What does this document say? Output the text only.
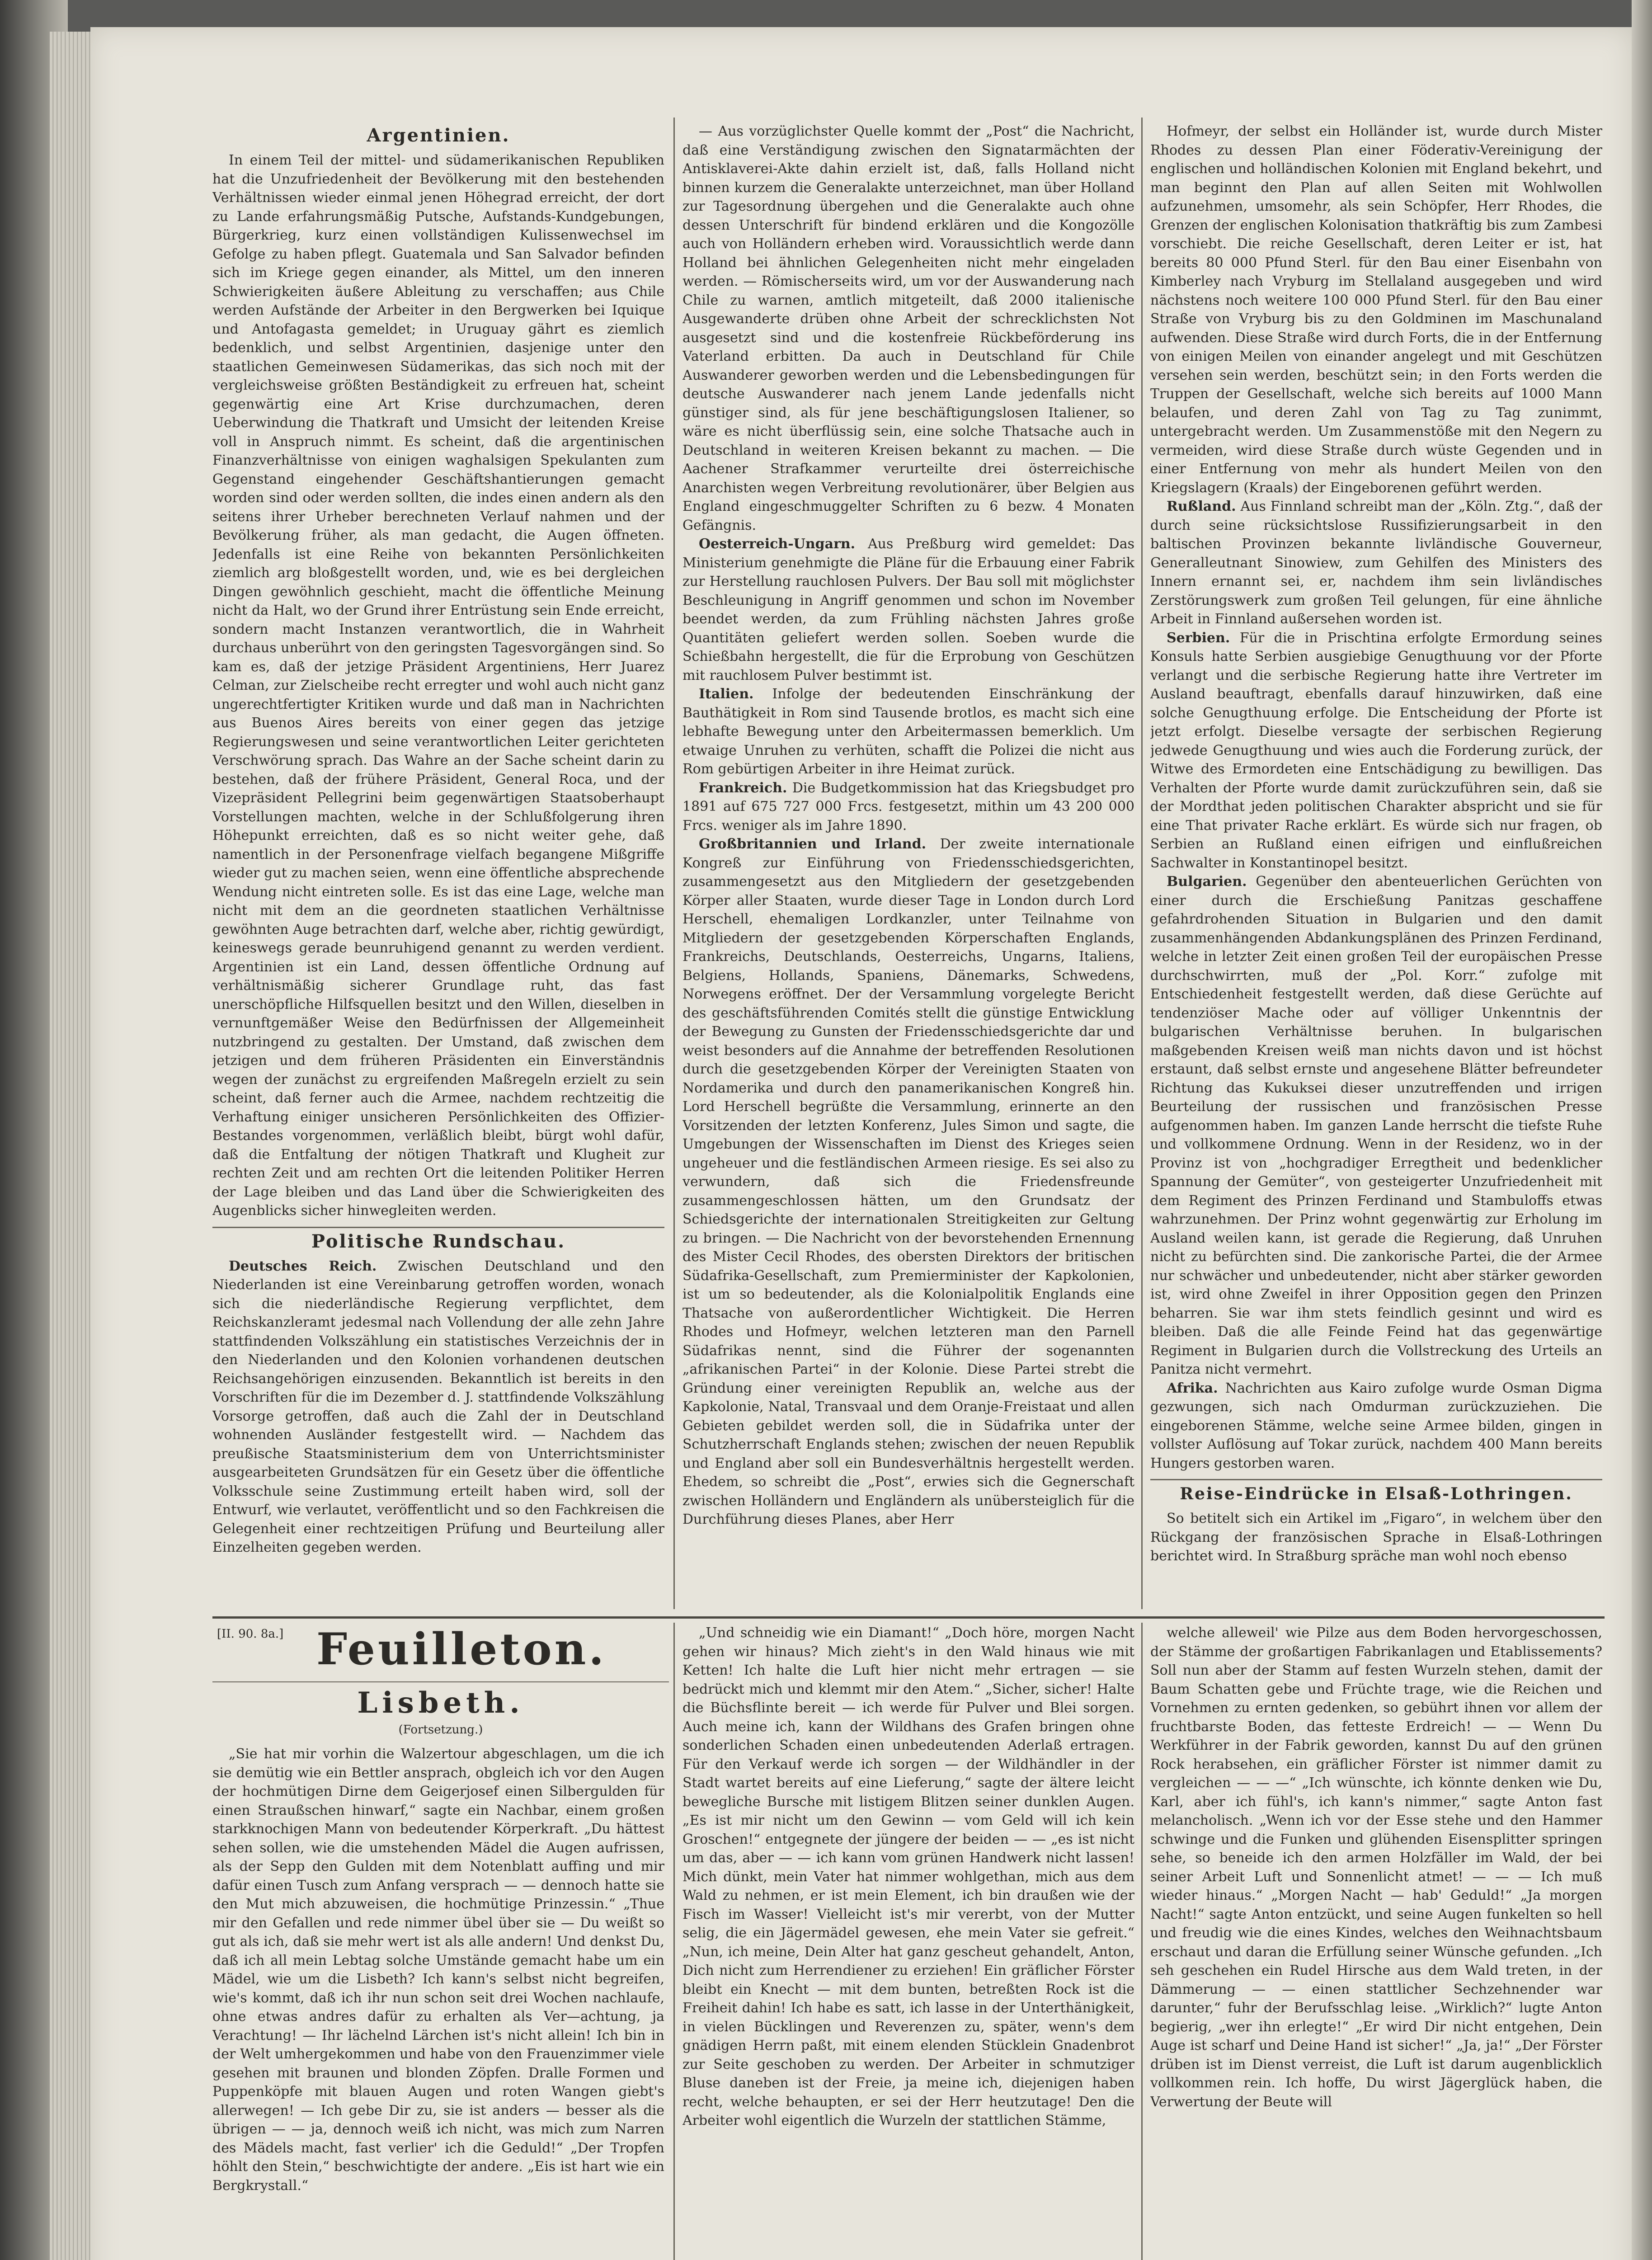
Argentinien.

In einem Teil der mittel- und südamerikanischen Republiken hat die Unzufriedenheit der Bevölkerung mit den bestehenden Verhältnissen wieder einmal jenen Höhegrad erreicht, der dort zu Lande erfahrungsmäßig Putsche, Aufstands-Kundgebungen, Bürgerkrieg, kurz einen vollständigen Kulissenwechsel im Gefolge zu haben pflegt. Guatemala und San Salvador befinden sich im Kriege gegen einander, als Mittel, um den inneren Schwierigkeiten äußere Ableitung zu verschaffen; aus Chile werden Aufstände der Arbeiter in den Bergwerken bei Iquique und Antofagasta gemeldet; in Uruguay gährt es ziemlich bedenklich, und selbst Argentinien, dasjenige unter den staatlichen Gemeinwesen Südamerikas, das sich noch mit der vergleichsweise größten Beständigkeit zu erfreuen hat, scheint gegenwärtig eine Art Krise durchzumachen, deren Ueberwindung die Thatkraft und Umsicht der leitenden Kreise voll in Anspruch nimmt. Es scheint, daß die argentinischen Finanzverhältnisse von einigen waghalsigen Spekulanten zum Gegenstand eingehender Geschäftshantierungen gemacht worden sind oder werden sollten, die indes einen andern als den seitens ihrer Urheber berechneten Verlauf nahmen und der Bevölkerung früher, als man gedacht, die Augen öffneten. Jedenfalls ist eine Reihe von bekannten Persönlichkeiten ziemlich arg bloßgestellt worden, und, wie es bei dergleichen Dingen gewöhnlich geschieht, macht die öffentliche Meinung nicht da Halt, wo der Grund ihrer Entrüstung sein Ende erreicht, sondern macht Instanzen verantwortlich, die in Wahrheit durchaus unberührt von den geringsten Tagesvorgängen sind. So kam es, daß der jetzige Präsident Argentiniens, Herr Juarez Celman, zur Zielscheibe recht erregter und wohl auch nicht ganz ungerechtfertigter Kritiken wurde und daß man in Nachrichten aus Buenos Aires bereits von einer gegen das jetzige Regierungswesen und seine verantwortlichen Leiter gerichteten Verschwörung sprach. Das Wahre an der Sache scheint darin zu bestehen, daß der frühere Präsident, General Roca, und der Vizepräsident Pellegrini beim gegenwärtigen Staatsoberhaupt Vorstellungen machten, welche in der Schlußfolgerung ihren Höhepunkt erreichten, daß es so nicht weiter gehe, daß namentlich in der Personenfrage vielfach begangene Mißgriffe wieder gut zu machen seien, wenn eine öffentliche absprechende Wendung nicht eintreten solle. Es ist das eine Lage, welche man nicht mit dem an die geordneten staatlichen Verhältnisse gewöhnten Auge betrachten darf, welche aber, richtig gewürdigt, keineswegs gerade beunruhigend genannt zu werden verdient. Argentinien ist ein Land, dessen öffentliche Ordnung auf verhältnismäßig sicherer Grundlage ruht, das fast unerschöpfliche Hilfsquellen besitzt und den Willen, dieselben in vernunftgemäßer Weise den Bedürfnissen der Allgemeinheit nutzbringend zu gestalten. Der Umstand, daß zwischen dem jetzigen und dem früheren Präsidenten ein Einverständnis wegen der zunächst zu ergreifenden Maßregeln erzielt zu sein scheint, daß ferner auch die Armee, nachdem rechtzeitig die Verhaftung einiger unsicheren Persönlichkeiten des Offizier-Bestandes vorgenommen, verläßlich bleibt, bürgt wohl dafür, daß die Entfaltung der nötigen Thatkraft und Klugheit zur rechten Zeit und am rechten Ort die leitenden Politiker Herren der Lage bleiben und das Land über die Schwierigkeiten des Augenblicks sicher hinwegleiten werden.

Politische Rundschau.

Deutsches Reich. Zwischen Deutschland und den Niederlanden ist eine Vereinbarung getroffen worden, wonach sich die niederländische Regierung verpflichtet, dem Reichskanzleramt jedesmal nach Vollendung der alle zehn Jahre stattfindenden Volkszählung ein statistisches Verzeichnis der in den Niederlanden und den Kolonien vorhandenen deutschen Reichsangehörigen einzusenden. Bekanntlich ist bereits in den Vorschriften für die im Dezember d. J. stattfindende Volkszählung Vorsorge getroffen, daß auch die Zahl der in Deutschland wohnenden Ausländer festgestellt wird. — Nachdem das preußische Staatsministerium dem von Unterrichtsminister ausgearbeiteten Grundsätzen für ein Gesetz über die öffentliche Volksschule seine Zustimmung erteilt haben wird, soll der Entwurf, wie verlautet, veröffentlicht und so den Fachkreisen die Gelegenheit einer rechtzeitigen Prüfung und Beurteilung aller Einzelheiten gegeben werden.

— Aus vorzüglichster Quelle kommt der „Post“ die Nachricht, daß eine Verständigung zwischen den Signatarmächten der Antisklaverei-Akte dahin erzielt ist, daß, falls Holland nicht binnen kurzem die Generalakte unterzeichnet, man über Holland zur Tagesordnung übergehen und die Generalakte auch ohne dessen Unterschrift für bindend erklären und die Kongozölle auch von Holländern erheben wird. Voraussichtlich werde dann Holland bei ähnlichen Gelegenheiten nicht mehr eingeladen werden. — Römischerseits wird, um vor der Auswanderung nach Chile zu warnen, amtlich mitgeteilt, daß 2000 italienische Ausgewanderte drüben ohne Arbeit der schrecklichsten Not ausgesetzt sind und die kostenfreie Rückbeförderung ins Vaterland erbitten. Da auch in Deutschland für Chile Auswanderer geworben werden und die Lebensbedingungen für deutsche Auswanderer nach jenem Lande jedenfalls nicht günstiger sind, als für jene beschäftigungslosen Italiener, so wäre es nicht überflüssig sein, eine solche Thatsache auch in Deutschland in weiteren Kreisen bekannt zu machen. — Die Aachener Strafkammer verurteilte drei österreichische Anarchisten wegen Verbreitung revolutionärer, über Belgien aus England eingeschmuggelter Schriften zu 6 bezw. 4 Monaten Gefängnis.

Oesterreich-Ungarn. Aus Preßburg wird gemeldet: Das Ministerium genehmigte die Pläne für die Erbauung einer Fabrik zur Herstellung rauchlosen Pulvers. Der Bau soll mit möglichster Beschleunigung in Angriff genommen und schon im November beendet werden, da zum Frühling nächsten Jahres große Quantitäten geliefert werden sollen. Soeben wurde die Schießbahn hergestellt, die für die Erprobung von Geschützen mit rauchlosem Pulver bestimmt ist.

Italien. Infolge der bedeutenden Einschränkung der Bauthätigkeit in Rom sind Tausende brotlos, es macht sich eine lebhafte Bewegung unter den Arbeitermassen bemerklich. Um etwaige Unruhen zu verhüten, schafft die Polizei die nicht aus Rom gebürtigen Arbeiter in ihre Heimat zurück.

Frankreich. Die Budgetkommission hat das Kriegsbudget pro 1891 auf 675 727 000 Frcs. festgesetzt, mithin um 43 200 000 Frcs. weniger als im Jahre 1890.

Großbritannien und Irland. Der zweite internationale Kongreß zur Einführung von Friedensschiedsgerichten, zusammengesetzt aus den Mitgliedern der gesetzgebenden Körper aller Staaten, wurde dieser Tage in London durch Lord Herschell, ehemaligen Lordkanzler, unter Teilnahme von Mitgliedern der gesetzgebenden Körperschaften Englands, Frankreichs, Deutschlands, Oesterreichs, Ungarns, Italiens, Belgiens, Hollands, Spaniens, Dänemarks, Schwedens, Norwegens eröffnet. Der der Versammlung vorgelegte Bericht des geschäftsführenden Comités stellt die günstige Entwicklung der Bewegung zu Gunsten der Friedensschiedsgerichte dar und weist besonders auf die Annahme der betreffenden Resolutionen durch die gesetzgebenden Körper der Vereinigten Staaten von Nordamerika und durch den panamerikanischen Kongreß hin. Lord Herschell begrüßte die Versammlung, erinnerte an den Vorsitzenden der letzten Konferenz, Jules Simon und sagte, die Umgebungen der Wissenschaften im Dienst des Krieges seien ungeheuer und die festländischen Armeen riesige. Es sei also zu verwundern, daß sich die Friedensfreunde zusammengeschlossen hätten, um den Grundsatz der Schiedsgerichte der internationalen Streitigkeiten zur Geltung zu bringen. — Die Nachricht von der bevorstehenden Ernennung des Mister Cecil Rhodes, des obersten Direktors der britischen Südafrika-Gesellschaft, zum Premierminister der Kapkolonien, ist um so bedeutender, als die Kolonialpolitik Englands eine Thatsache von außerordentlicher Wichtigkeit. Die Herren Rhodes und Hofmeyr, welchen letzteren man den Parnell Südafrikas nennt, sind die Führer der sogenannten „afrikanischen Partei“ in der Kolonie. Diese Partei strebt die Gründung einer vereinigten Republik an, welche aus der Kapkolonie, Natal, Transvaal und dem Oranje-Freistaat und allen Gebieten gebildet werden soll, die in Südafrika unter der Schutzherrschaft Englands stehen; zwischen der neuen Republik und England aber soll ein Bundesverhältnis hergestellt werden. Ehedem, so schreibt die „Post“, erwies sich die Gegnerschaft zwischen Holländern und Engländern als unübersteiglich für die Durchführung dieses Planes, aber Herr

Hofmeyr, der selbst ein Holländer ist, wurde durch Mister Rhodes zu dessen Plan einer Föderativ-Vereinigung der englischen und holländischen Kolonien mit England bekehrt, und man beginnt den Plan auf allen Seiten mit Wohlwollen aufzunehmen, umsomehr, als sein Schöpfer, Herr Rhodes, die Grenzen der englischen Kolonisation thatkräftig bis zum Zambesi vorschiebt. Die reiche Gesellschaft, deren Leiter er ist, hat bereits 80 000 Pfund Sterl. für den Bau einer Eisenbahn von Kimberley nach Vryburg im Stellaland ausgegeben und wird nächstens noch weitere 100 000 Pfund Sterl. für den Bau einer Straße von Vryburg bis zu den Goldminen im Maschunaland aufwenden. Diese Straße wird durch Forts, die in der Entfernung von einigen Meilen von einander angelegt und mit Geschützen versehen sein werden, beschützt sein; in den Forts werden die Truppen der Gesellschaft, welche sich bereits auf 1000 Mann belaufen, und deren Zahl von Tag zu Tag zunimmt, untergebracht werden. Um Zusammenstöße mit den Negern zu vermeiden, wird diese Straße durch wüste Gegenden und in einer Entfernung von mehr als hundert Meilen von den Kriegslagern (Kraals) der Eingeborenen geführt werden.

Rußland. Aus Finnland schreibt man der „Köln. Ztg.“, daß der durch seine rücksichtslose Russifizierungsarbeit in den baltischen Provinzen bekannte livländische Gouverneur, Generalleutnant Sinowiew, zum Gehilfen des Ministers des Innern ernannt sei, er, nachdem ihm sein livländisches Zerstörungswerk zum großen Teil gelungen, für eine ähnliche Arbeit in Finnland außersehen worden ist.

Serbien. Für die in Prischtina erfolgte Ermordung seines Konsuls hatte Serbien ausgiebige Genugthuung vor der Pforte verlangt und die serbische Regierung hatte ihre Vertreter im Ausland beauftragt, ebenfalls darauf hinzuwirken, daß eine solche Genugthuung erfolge. Die Entscheidung der Pforte ist jetzt erfolgt. Dieselbe versagte der serbischen Regierung jedwede Genugthuung und wies auch die Forderung zurück, der Witwe des Ermordeten eine Entschädigung zu bewilligen. Das Verhalten der Pforte wurde damit zurückzuführen sein, daß sie der Mordthat jeden politischen Charakter abspricht und sie für eine That privater Rache erklärt. Es würde sich nur fragen, ob Serbien an Rußland einen eifrigen und einflußreichen Sachwalter in Konstantinopel besitzt.

Bulgarien. Gegenüber den abenteuerlichen Gerüchten von einer durch die Erschießung Panitzas geschaffene gefahrdrohenden Situation in Bulgarien und den damit zusammenhängenden Abdankungsplänen des Prinzen Ferdinand, welche in letzter Zeit einen großen Teil der europäischen Presse durchschwirrten, muß der „Pol. Korr.“ zufolge mit Entschiedenheit festgestellt werden, daß diese Gerüchte auf tendenziöser Mache oder auf völliger Unkenntnis der bulgarischen Verhältnisse beruhen. In bulgarischen maßgebenden Kreisen weiß man nichts davon und ist höchst erstaunt, daß selbst ernste und angesehene Blätter befreundeter Richtung das Kukuksei dieser unzutreffenden und irrigen Beurteilung der russischen und französischen Presse aufgenommen haben. Im ganzen Lande herrscht die tiefste Ruhe und vollkommene Ordnung. Wenn in der Residenz, wo in der Provinz ist von „hochgradiger Erregtheit und bedenklicher Spannung der Gemüter“, von gesteigerter Unzufriedenheit mit dem Regiment des Prinzen Ferdinand und Stambuloffs etwas wahrzunehmen. Der Prinz wohnt gegenwärtig zur Erholung im Ausland weilen kann, ist gerade die Regierung, daß Unruhen nicht zu befürchten sind. Die zankorische Partei, die der Armee nur schwächer und unbedeutender, nicht aber stärker geworden ist, wird ohne Zweifel in ihrer Opposition gegen den Prinzen beharren. Sie war ihm stets feindlich gesinnt und wird es bleiben. Daß die alle Feinde Feind hat das gegenwärtige Regiment in Bulgarien durch die Vollstreckung des Urteils an Panitza nicht vermehrt.

Afrika. Nachrichten aus Kairo zufolge wurde Osman Digma gezwungen, sich nach Omdurman zurückzuziehen. Die eingeborenen Stämme, welche seine Armee bilden, gingen in vollster Auflösung auf Tokar zurück, nachdem 400 Mann bereits Hungers gestorben waren.

Reise-Eindrücke in Elsaß-Lothringen.

So betitelt sich ein Artikel im „Figaro“, in welchem über den Rückgang der französischen Sprache in Elsaß-Lothringen berichtet wird. In Straßburg spräche man wohl noch ebenso

[II. 90. 8a.] Feuilleton.
Lisbeth.
(Fortsetzung.)

„Sie hat mir vorhin die Walzertour abgeschlagen, um die ich sie demütig wie ein Bettler ansprach, obgleich ich vor den Augen der hochmütigen Dirne dem Geigerjosef einen Silbergulden für einen Straußschen hinwarf,“ sagte ein Nachbar, einem großen starkknochigen Mann von bedeutender Körperkraft. „Du hättest sehen sollen, wie die umstehenden Mädel die Augen aufrissen, als der Sepp den Gulden mit dem Notenblatt auffing und mir dafür einen Tusch zum Anfang versprach — — dennoch hatte sie den Mut mich abzuweisen, die hochmütige Prinzessin.“ „Thue mir den Gefallen und rede nimmer übel über sie — Du weißt so gut als ich, daß sie mehr wert ist als alle andern! Und denkst Du, daß ich all mein Lebtag solche Umstände gemacht habe um ein Mädel, wie um die Lisbeth? Ich kann's selbst nicht begreifen, wie's kommt, daß ich ihr nun schon seit drei Wochen nachlaufe, ohne etwas andres dafür zu erhalten als Ver—achtung, ja Verachtung! — Ihr lächelnd Lärchen ist's nicht allein! Ich bin in der Welt umhergekommen und habe von den Frauenzimmer viele gesehen mit braunen und blonden Zöpfen. Dralle Formen und Puppenköpfe mit blauen Augen und roten Wangen giebt's allerwegen! — Ich gebe Dir zu, sie ist anders — besser als die übrigen — — ja, dennoch weiß ich nicht, was mich zum Narren des Mädels macht, fast verlier' ich die Geduld!“ „Der Tropfen höhlt den Stein,“ beschwichtigte der andere. „Eis ist hart wie ein Bergkrystall.“

„Und schneidig wie ein Diamant!“ „Doch höre, morgen Nacht gehen wir hinaus? Mich zieht's in den Wald hinaus wie mit Ketten! Ich halte die Luft hier nicht mehr ertragen — sie bedrückt mich und klemmt mir den Atem.“ „Sicher, sicher! Halte die Büchsflinte bereit — ich werde für Pulver und Blei sorgen. Auch meine ich, kann der Wildhans des Grafen bringen ohne sonderlichen Schaden einen unbedeutenden Aderlaß ertragen. Für den Verkauf werde ich sorgen — der Wildhändler in der Stadt wartet bereits auf eine Lieferung,“ sagte der ältere leicht bewegliche Bursche mit listigem Blitzen seiner dunklen Augen. „Es ist mir nicht um den Gewinn — vom Geld will ich kein Groschen!“ entgegnete der jüngere der beiden — — „es ist nicht um das, aber — — ich kann vom grünen Handwerk nicht lassen! Mich dünkt, mein Vater hat nimmer wohlgethan, mich aus dem Wald zu nehmen, er ist mein Element, ich bin draußen wie der Fisch im Wasser! Vielleicht ist's mir vererbt, von der Mutter selig, die ein Jägermädel gewesen, ehe mein Vater sie gefreit.“ „Nun, ich meine, Dein Alter hat ganz gescheut gehandelt, Anton, Dich nicht zum Herrendiener zu erziehen! Ein gräflicher Förster bleibt ein Knecht — mit dem bunten, betreßten Rock ist die Freiheit dahin! Ich habe es satt, ich lasse in der Unterthänigkeit, in vielen Bücklingen und Reverenzen zu, später, wenn's dem gnädigen Herrn paßt, mit einem elenden Stücklein Gnadenbrot zur Seite geschoben zu werden. Der Arbeiter in schmutziger Bluse daneben ist der Freie, ja meine ich, diejenigen haben recht, welche behaupten, er sei der Herr heutzutage! Den die Arbeiter wohl eigentlich die Wurzeln der stattlichen Stämme,

welche alleweil' wie Pilze aus dem Boden hervorgeschossen, der Stämme der großartigen Fabrikanlagen und Etablissements? Soll nun aber der Stamm auf festen Wurzeln stehen, damit der Baum Schatten gebe und Früchte trage, wie die Reichen und Vornehmen zu ernten gedenken, so gebührt ihnen vor allem der fruchtbarste Boden, das fetteste Erdreich! — — Wenn Du Werkführer in der Fabrik geworden, kannst Du auf den grünen Rock herabsehen, ein gräflicher Förster ist nimmer damit zu vergleichen — — —“ „Ich wünschte, ich könnte denken wie Du, Karl, aber ich fühl's, ich kann's nimmer,“ sagte Anton fast melancholisch. „Wenn ich vor der Esse stehe und den Hammer schwinge und die Funken und glühenden Eisensplitter springen sehe, so beneide ich den armen Holzfäller im Wald, der bei seiner Arbeit Luft und Sonnenlicht atmet! — — — Ich muß wieder hinaus.“ „Morgen Nacht — hab' Geduld!“ „Ja morgen Nacht!“ sagte Anton entzückt, und seine Augen funkelten so hell und freudig wie die eines Kindes, welches den Weihnachtsbaum erschaut und daran die Erfüllung seiner Wünsche gefunden. „Ich seh geschehen ein Rudel Hirsche aus dem Wald treten, in der Dämmerung — — einen stattlicher Sechzehnender war darunter,“ fuhr der Berufsschlag leise. „Wirklich?“ lugte Anton begierig, „wer ihn erlegte!“ „Er wird Dir nicht entgehen, Dein Auge ist scharf und Deine Hand ist sicher!“ „Ja, ja!“ „Der Förster drüben ist im Dienst verreist, die Luft ist darum augenblicklich vollkommen rein. Ich hoffe, Du wirst Jägerglück haben, die Verwertung der Beute will
